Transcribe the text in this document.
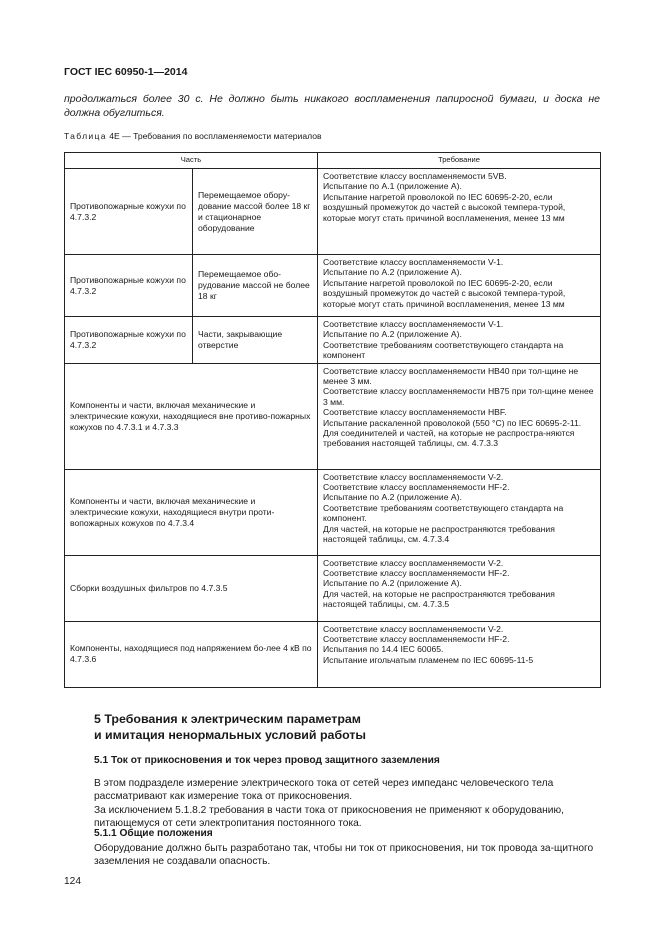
ГОСТ IEC 60950-1—2014
продолжаться более 30 с. Не должно быть никакого воспламенения папиросной бумаги, и доска не должна обуглиться.
Таблица 4E — Требования по воспламеняемости материалов
Часть		Требование
Противопожарные кожухи по 4.7.3.2	Перемещаемое обору-дование массой более 18 кг и стационарное оборудование	Соответствие классу воспламеняемости 5VB.
Испытание по A.1 (приложение A).
Испытание нагретой проволокой по IEC 60695-2-20, если воздушный промежуток до частей с высокой темпера-турой, которые могут стать причиной воспламенения, менее 13 мм

Противопожарные кожухи по 4.7.3.2	Перемещаемое обо-рудование массой не более 18 кг	Соответствие классу воспламеняемости V-1.
Испытание по A.2 (приложение A).
Испытание нагретой проволокой по IEC 60695-2-20, если воздушный промежуток до частей с высокой темпера-турой, которые могут стать причиной воспламенения, менее 13 мм

Противопожарные кожухи по 4.7.3.2	Части, закрывающие отверстие	Соответствие классу воспламеняемости V-1.
Испытание по A.2 (приложение A).
Соответствие требованиям соответствующего стандарта на компонент

Компоненты и части, включая механические и электрические кожухи, находящиеся вне противо-пожарных кожухов по 4.7.3.1 и 4.7.3.3		Соответствие классу воспламеняемости HB40 при тол-щине не менее 3 мм.
Соответствие классу воспламеняемости HB75 при тол-щине менее 3 мм.
Соответствие классу воспламеняемости HBF.
Испытание раскаленной проволокой (550 °C) по IEC 60695-2-11.
Для соединителей и частей, на которые не распростра-няются требования настоящей таблицы, см. 4.7.3.3

Компоненты и части, включая механические и электрические кожухи, находящиеся внутри проти-вопожарных кожухов по 4.7.3.4		Соответствие классу воспламеняемости V-2.
Соответствие классу воспламеняемости HF-2.
Испытание по A.2 (приложение A).
Соответствие требованиям соответствующего стандарта на компонент.
Для частей, на которые не распространяются требования настоящей таблицы, см. 4.7.3.4

Сборки воздушных фильтров по 4.7.3.5		Соответствие классу воспламеняемости V-2.
Соответствие классу воспламеняемости HF-2.
Испытание по A.2 (приложение A).
Для частей, на которые не распространяются требования настоящей таблицы, см. 4.7.3.5

Компоненты, находящиеся под напряжением бо-лее 4 кВ по 4.7.3.6		Соответствие классу воспламеняемости V-2.
Соответствие классу воспламеняемости HF-2.
Испытания по 14.4 IEC 60065.
Испытание игольчатым пламенем по IEC 60695-11-5
5 Требования к электрическим параметрам
и имитация ненормальных условий работы
5.1 Ток от прикосновения и ток через провод защитного заземления
В этом подразделе измерение электрического тока от сетей через импеданс человеческого тела рассматривают как измерение тока от прикосновения.
За исключением 5.1.8.2 требования в части тока от прикосновения не применяют к оборудованию, питающемуся от сети электропитания постоянного тока.
5.1.1 Общие положения
Оборудование должно быть разработано так, чтобы ни ток от прикосновения, ни ток провода за-щитного заземления не создавали опасность.
124
